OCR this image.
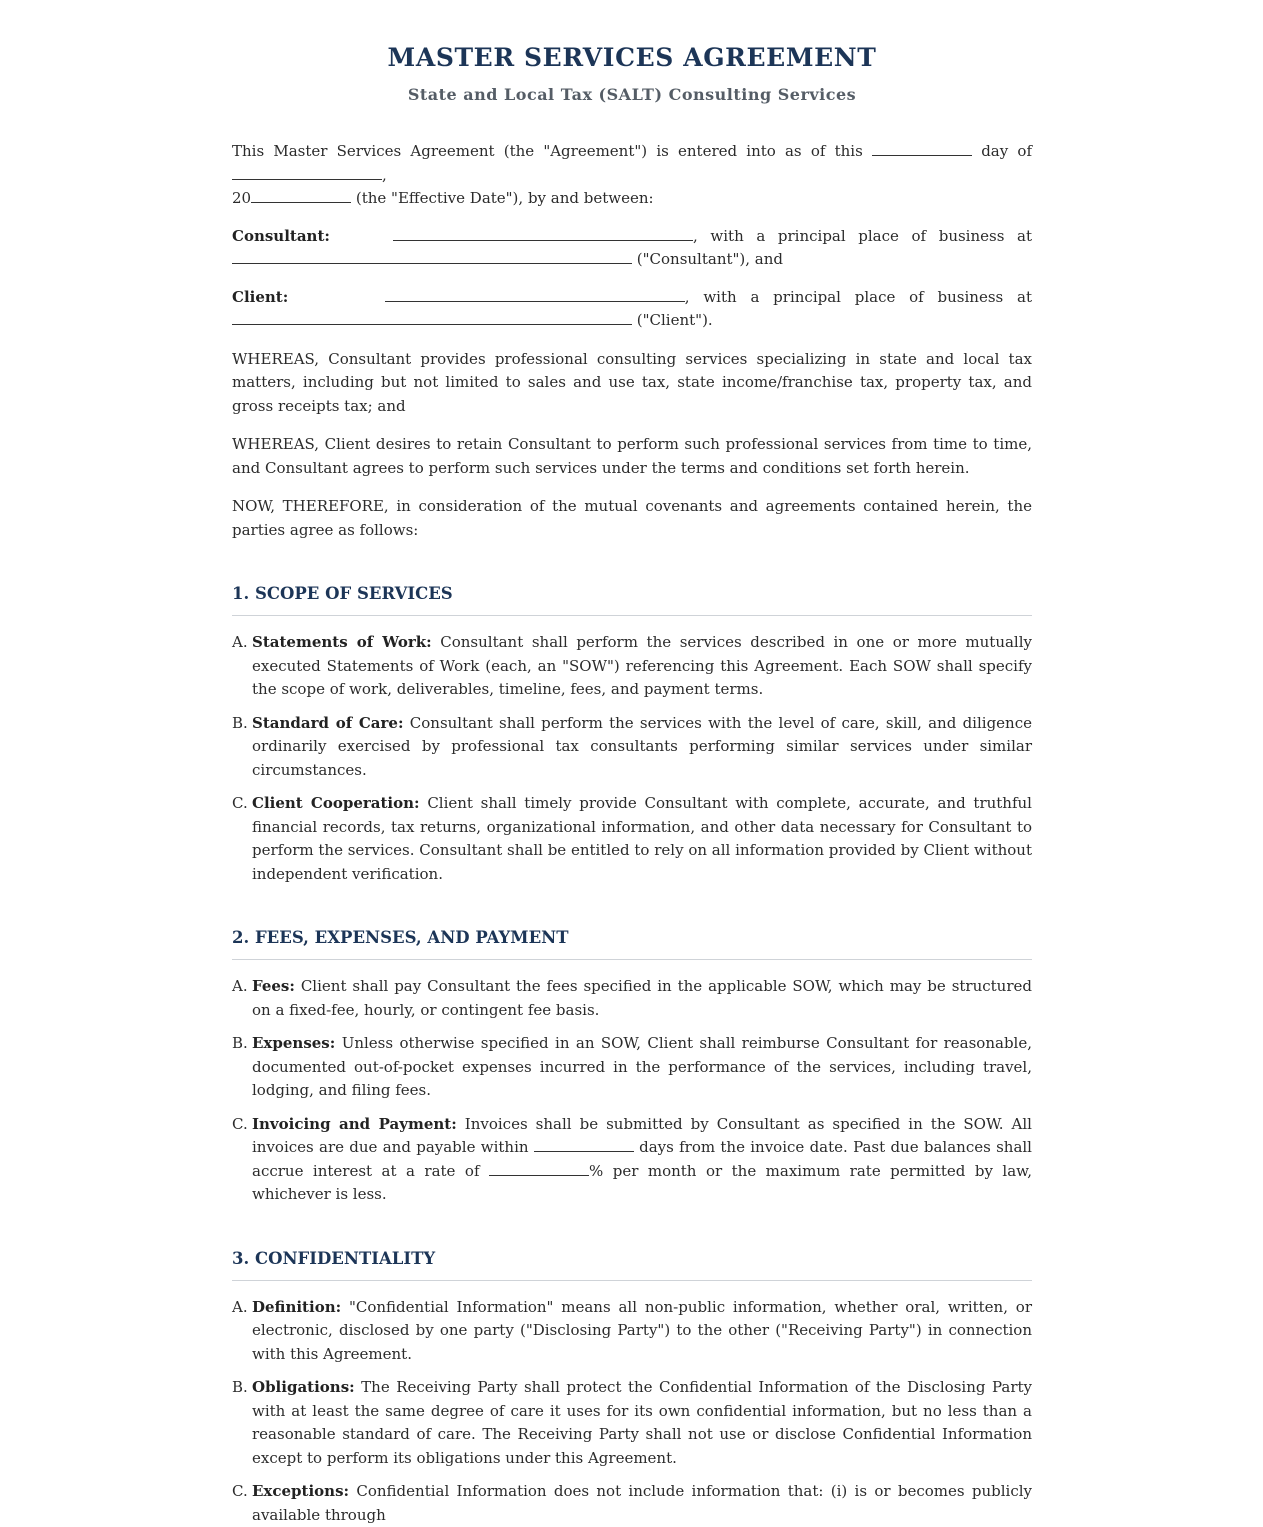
MASTER SERVICES AGREEMENT
State and Local Tax (SALT) Consulting Services

This Master Services Agreement (the "Agreement") is entered into as of this	day of ,
20	(the "Effective Date"), by and between:

Consultant:	, with a principal place of business at  ("Consultant"), and

Client:	, with a principal place of business at  ("Client").

WHEREAS, Consultant provides professional consulting services specializing in state and local tax matters, including but not limited to sales and use tax, state income/franchise tax, property tax, and gross receipts tax; and

WHEREAS, Client desires to retain Consultant to perform such professional services from time to time, and Consultant agrees to perform such services under the terms and conditions set forth herein.

NOW, THEREFORE, in consideration of the mutual covenants and agreements contained herein, the parties agree as follows:

1. SCOPE OF SERVICES
A. Statements of Work: Consultant shall perform the services described in one or more mutually executed Statements of Work (each, an "SOW") referencing this Agreement. Each SOW shall specify the scope of work, deliverables, timeline, fees, and payment terms.
B. Standard of Care: Consultant shall perform the services with the level of care, skill, and diligence ordinarily exercised by professional tax consultants performing similar services under similar circumstances.
C. Client Cooperation: Client shall timely provide Consultant with complete, accurate, and truthful financial records, tax returns, organizational information, and other data necessary for Consultant to perform the services. Consultant shall be entitled to rely on all information provided by Client without independent verification.
2. FEES, EXPENSES, AND PAYMENT
A. Fees: Client shall pay Consultant the fees specified in the applicable SOW, which may be structured on a fixed-fee, hourly, or contingent fee basis.
B. Expenses: Unless otherwise specified in an SOW, Client shall reimburse Consultant for reasonable, documented out-of-pocket expenses incurred in the performance of the services, including travel, lodging, and filing fees.
C. Invoicing and Payment: Invoices shall be submitted by Consultant as specified in the SOW. All invoices are due and payable within	days from the invoice date. Past due balances shall accrue interest at a rate of	% per month or the maximum rate permitted by law, whichever is less.
3. CONFIDENTIALITY
A. Definition: "Confidential Information" means all non-public information, whether oral, written, or electronic, disclosed by one party ("Disclosing Party") to the other ("Receiving Party") in connection with this Agreement.
B. Obligations: The Receiving Party shall protect the Confidential Information of the Disclosing Party with at least the same degree of care it uses for its own confidential information, but no less than a reasonable standard of care. The Receiving Party shall not use or disclose Confidential Information except to perform its obligations under this Agreement.
C. Exceptions: Confidential Information does not include information that: (i) is or becomes publicly available through
